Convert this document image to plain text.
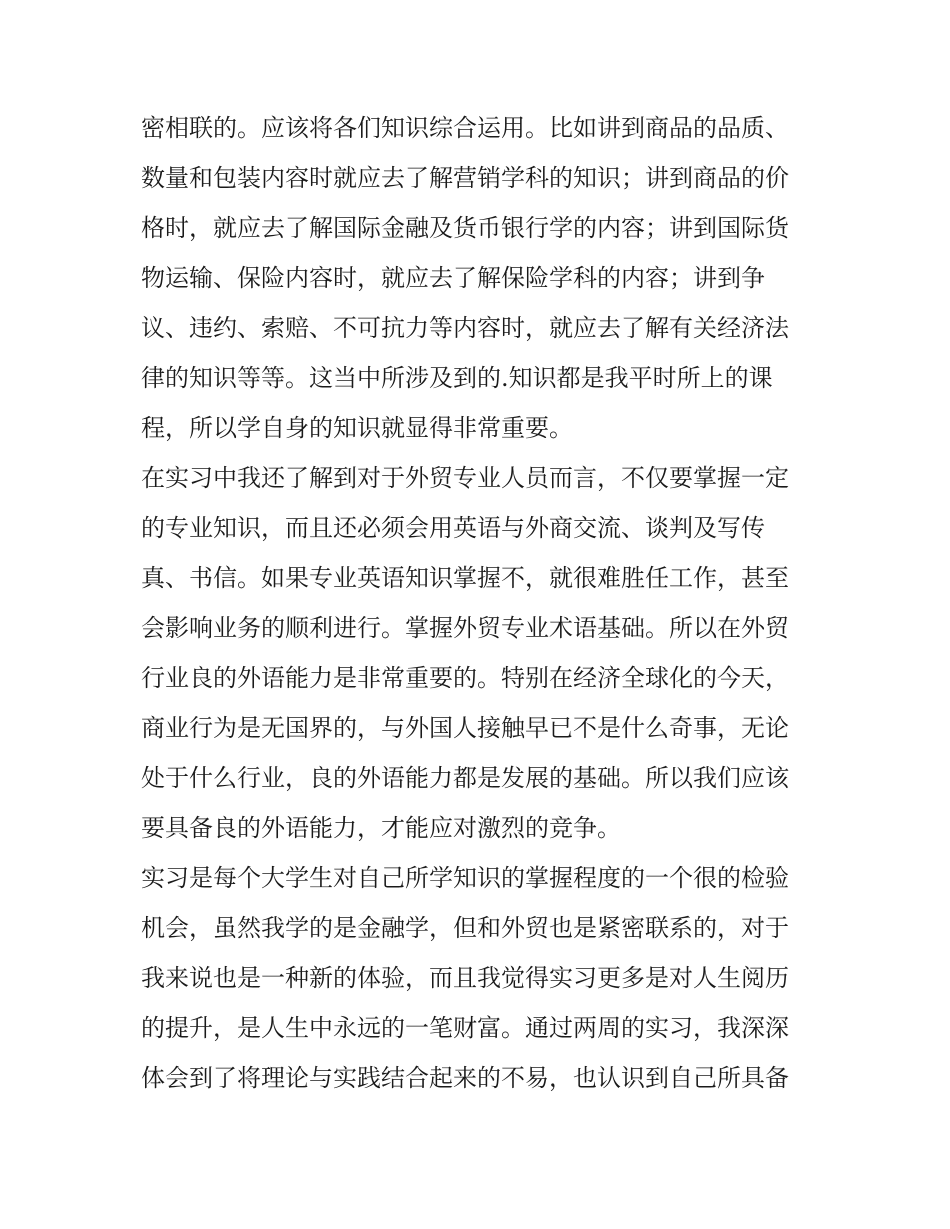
密相联的。应该将各们知识综合运用。比如讲到商品的品质、
数量和包装内容时就应去了解营销学科的知识；讲到商品的价
格时，就应去了解国际金融及货币银行学的内容；讲到国际货
物运输、保险内容时，就应去了解保险学科的内容；讲到争
议、违约、索赔、不可抗力等内容时，就应去了解有关经济法
律的知识等等。这当中所涉及到的.知识都是我平时所上的课
程，所以学自身的知识就显得非常重要。
在实习中我还了解到对于外贸专业人员而言，不仅要掌握一定
的专业知识，而且还必须会用英语与外商交流、谈判及写传
真、书信。如果专业英语知识掌握不，就很难胜任工作，甚至
会影响业务的顺利进行。掌握外贸专业术语基础。所以在外贸
行业良的外语能力是非常重要的。特别在经济全球化的今天，
商业行为是无国界的，与外国人接触早已不是什么奇事，无论
处于什么行业，良的外语能力都是发展的基础。所以我们应该
要具备良的外语能力，才能应对激烈的竞争。
实习是每个大学生对自己所学知识的掌握程度的一个很的检验
机会，虽然我学的是金融学，但和外贸也是紧密联系的，对于
我来说也是一种新的体验，而且我觉得实习更多是对人生阅历
的提升，是人生中永远的一笔财富。通过两周的实习，我深深
体会到了将理论与实践结合起来的不易，也认识到自己所具备
